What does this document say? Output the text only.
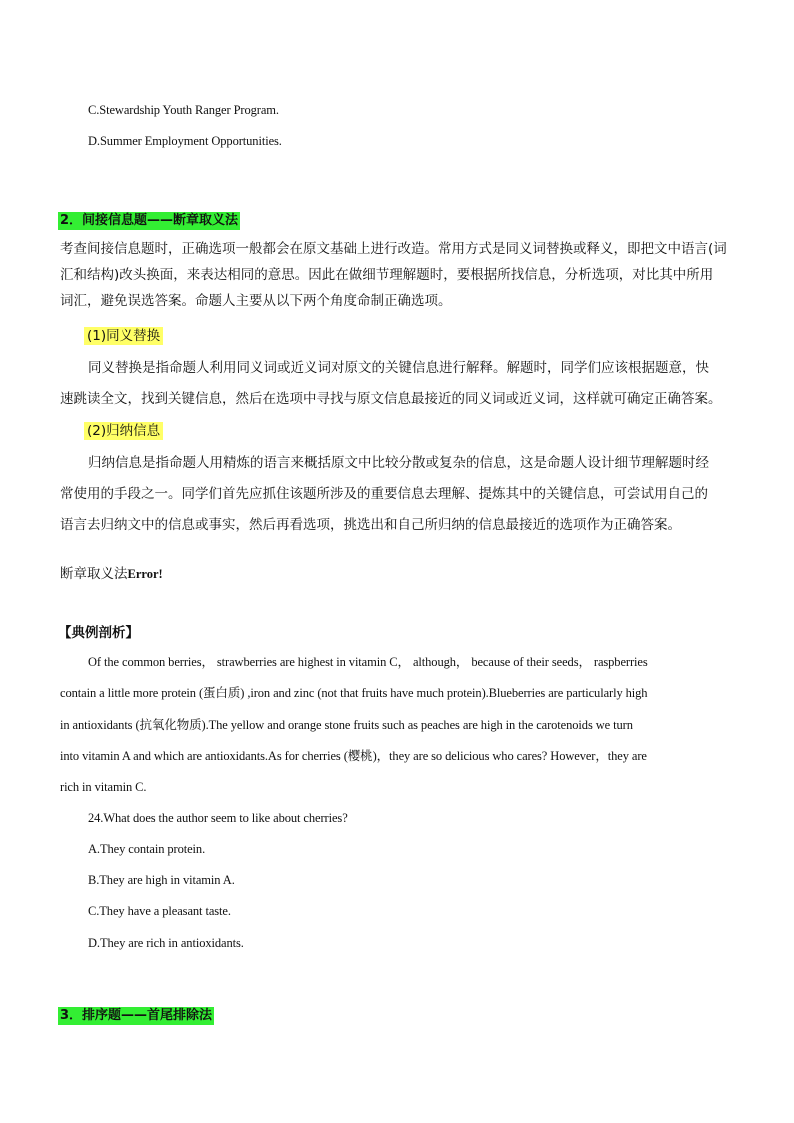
C.Stewardship Youth Ranger Program.
D.Summer Employment Opportunities.
2．间接信息题——断章取义法
考查间接信息题时，正确选项一般都会在原文基础上进行改造。常用方式是同义词替换或释义，即把文中语言(词
汇和结构)改头换面，来表达相同的意思。因此在做细节理解题时，要根据所找信息，分析选项，对比其中所用
词汇，避免误选答案。命题人主要从以下两个角度命制正确选项。
(1)同义替换
同义替换是指命题人利用同义词或近义词对原文的关键信息进行解释。解题时，同学们应该根据题意，快
速跳读全文，找到关键信息，然后在选项中寻找与原文信息最接近的同义词或近义词，这样就可确定正确答案。
(2)归纳信息
归纳信息是指命题人用精炼的语言来概括原文中比较分散或复杂的信息，这是命题人设计细节理解题时经
常使用的手段之一。同学们首先应抓住该题所涉及的重要信息去理解、提炼其中的关键信息，可尝试用自己的
语言去归纳文中的信息或事实，然后再看选项，挑选出和自己所归纳的信息最接近的选项作为正确答案。
断章取义法Error!
【典例剖析】
Of the common berries， strawberries are highest in vitamin C， although， because of their seeds， raspberries
contain a little more protein (蛋白质) ,iron and zinc (not that fruits have much protein).Blueberries are particularly high
in antioxidants (抗氧化物质).The yellow and orange stone fruits such as peaches are high in the carotenoids we turn
into vitamin A and which are antioxidants.As for cherries (樱桃)，they are so delicious who cares? However，they are
rich in vitamin C.
24.What does the author seem to like about cherries?
A.They contain protein.
B.They are high in vitamin A.
C.They have a pleasant taste.
D.They are rich in antioxidants.
3．排序题——首尾排除法
